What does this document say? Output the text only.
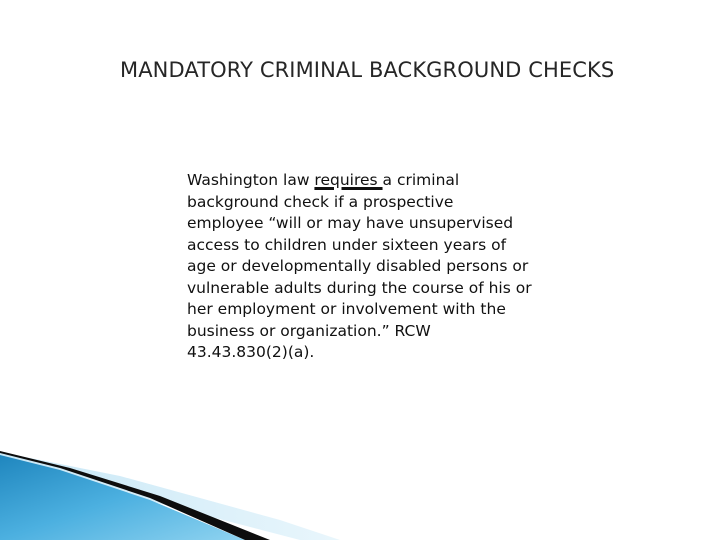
MANDATORY CRIMINAL BACKGROUND CHECKS

Washington law requires a criminal background check if a prospective employee “will or may have unsupervised access to children under sixteen years of age or developmentally disabled persons or vulnerable adults during the course of his or her employment or involvement with the business or organization.” RCW 43.43.830(2)(a).
